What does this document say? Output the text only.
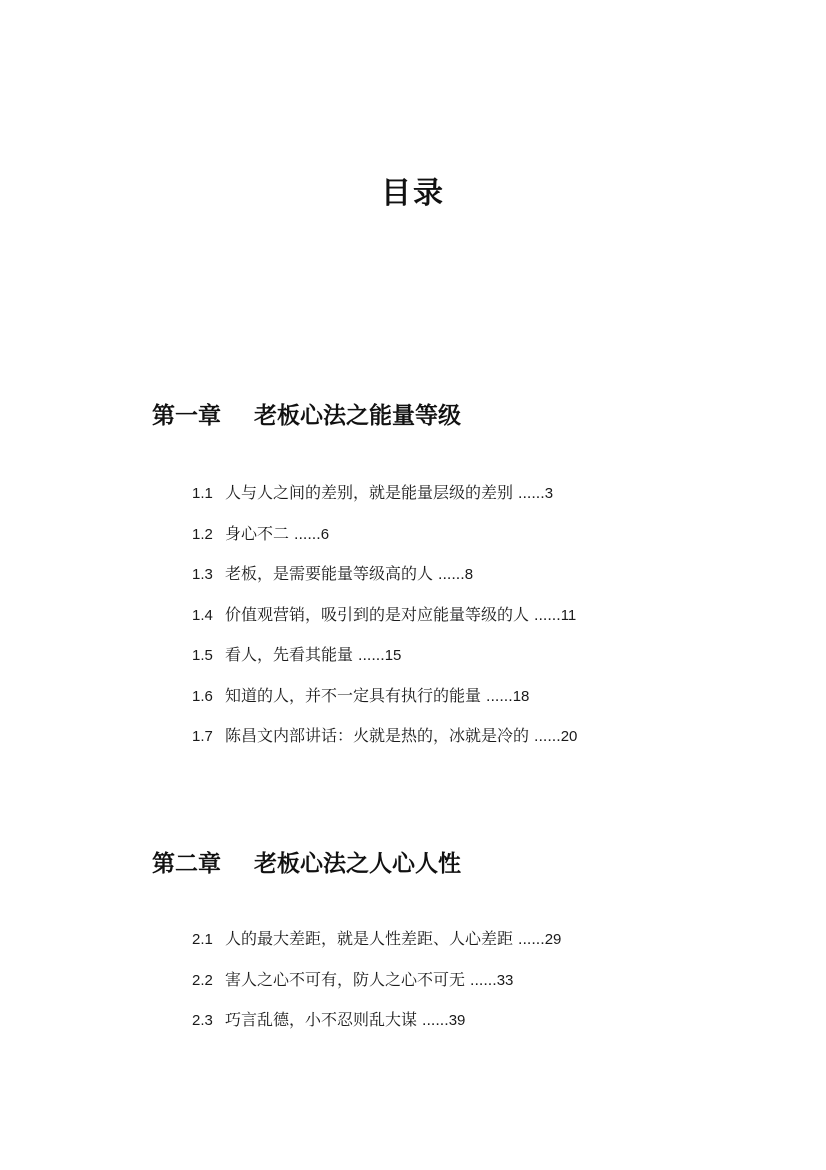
目录
第一章 老板心法之能量等级
1.1 人与人之间的差别，就是能量层级的差别 ......3
1.2 身心不二 ......6
1.3 老板，是需要能量等级高的人 ......8
1.4 价值观营销，吸引到的是对应能量等级的人 ......11
1.5 看人，先看其能量 ......15
1.6 知道的人，并不一定具有执行的能量 ......18
1.7 陈昌文内部讲话：火就是热的，冰就是冷的 ......20
第二章 老板心法之人心人性
2.1 人的最大差距，就是人性差距、人心差距 ......29
2.2 害人之心不可有，防人之心不可无 ......33
2.3 巧言乱德，小不忍则乱大谋 ......39
